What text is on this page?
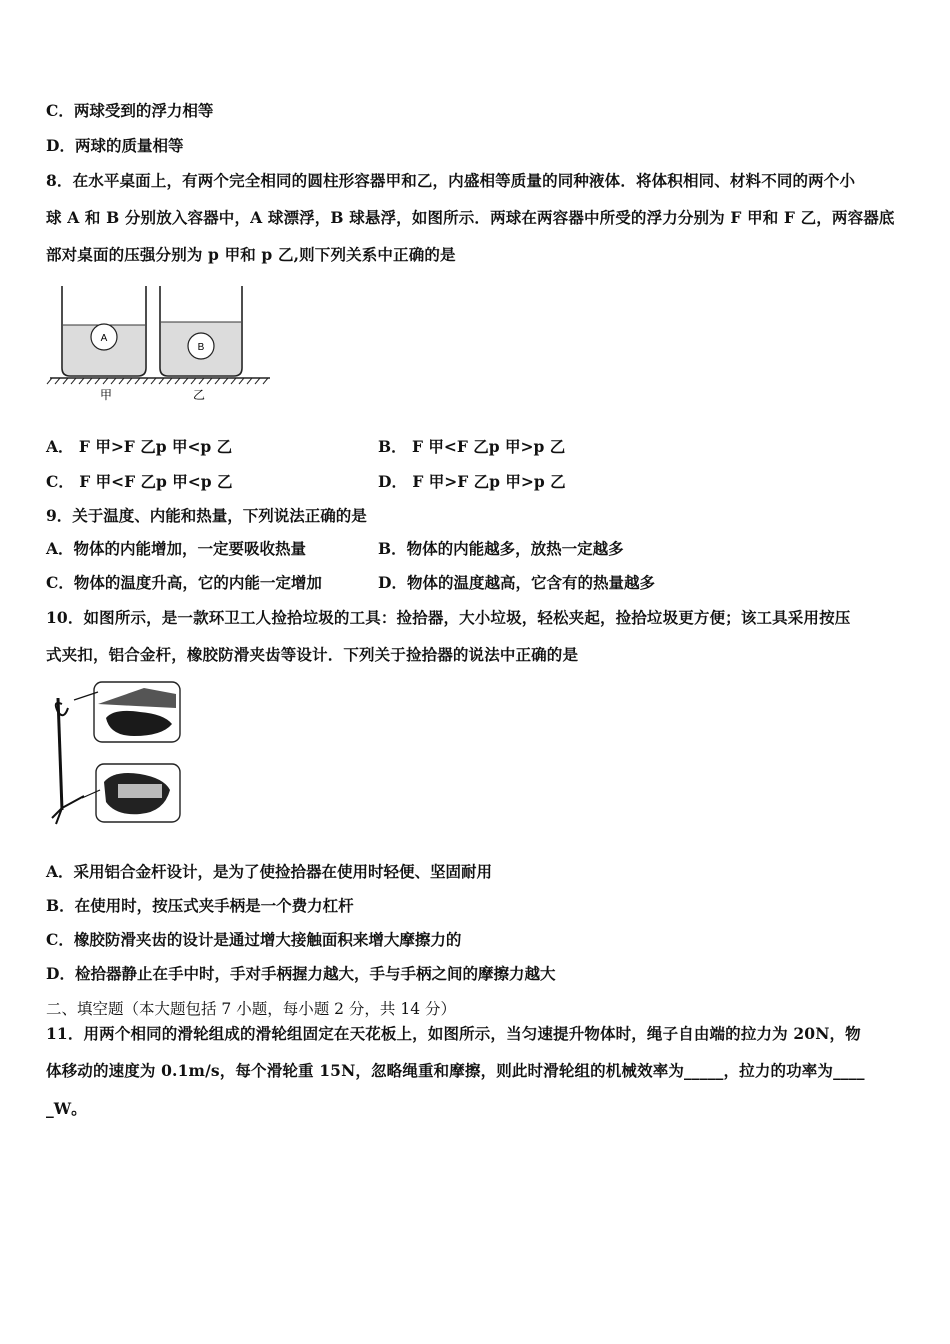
C．两球受到的浮力相等
D．两球的质量相等
8．在水平桌面上，有两个完全相同的圆柱形容器甲和乙，内盛相等质量的同种液体．将体积相同、材料不同的两个小
球 A 和 B 分别放入容器中，A 球漂浮，B 球悬浮，如图所示．两球在两容器中所受的浮力分别为 F 甲和 F 乙，两容器底
部对桌面的压强分别为 p 甲和 p 乙,则下列关系中正确的是
A
B
甲	乙
A． F 甲>F 乙p 甲<p 乙	B． F 甲<F 乙p 甲>p 乙
C． F 甲<F 乙p 甲<p 乙	D． F 甲>F 乙p 甲>p 乙
9．关于温度、内能和热量，下列说法正确的是
A．物体的内能增加，一定要吸收热量	B．物体的内能越多，放热一定越多
C．物体的温度升高，它的内能一定增加	D．物体的温度越高，它含有的热量越多
10．如图所示，是一款环卫工人捡拾垃圾的工具：捡拾器，大小垃圾，轻松夹起，捡拾垃圾更方便；该工具采用按压
式夹扣，铝合金杆，橡胶防滑夹齿等设计．下列关于捡拾器的说法中正确的是
A．采用铝合金杆设计，是为了使捡拾器在使用时轻便、坚固耐用
B．在使用时，按压式夹手柄是一个费力杠杆
C．橡胶防滑夹齿的设计是通过增大接触面积来增大摩擦力的
D．检拾器静止在手中时，手对手柄握力越大，手与手柄之间的摩擦力越大
二、填空题（本大题包括 7 小题，每小题 2 分，共 14 分）
11．用两个相同的滑轮组成的滑轮组固定在天花板上，如图所示，当匀速提升物体时，绳子自由端的拉力为 20N，物
体移动的速度为 0.1m/s，每个滑轮重 15N，忽略绳重和摩擦，则此时滑轮组的机械效率为_____，拉力的功率为____
_W。
